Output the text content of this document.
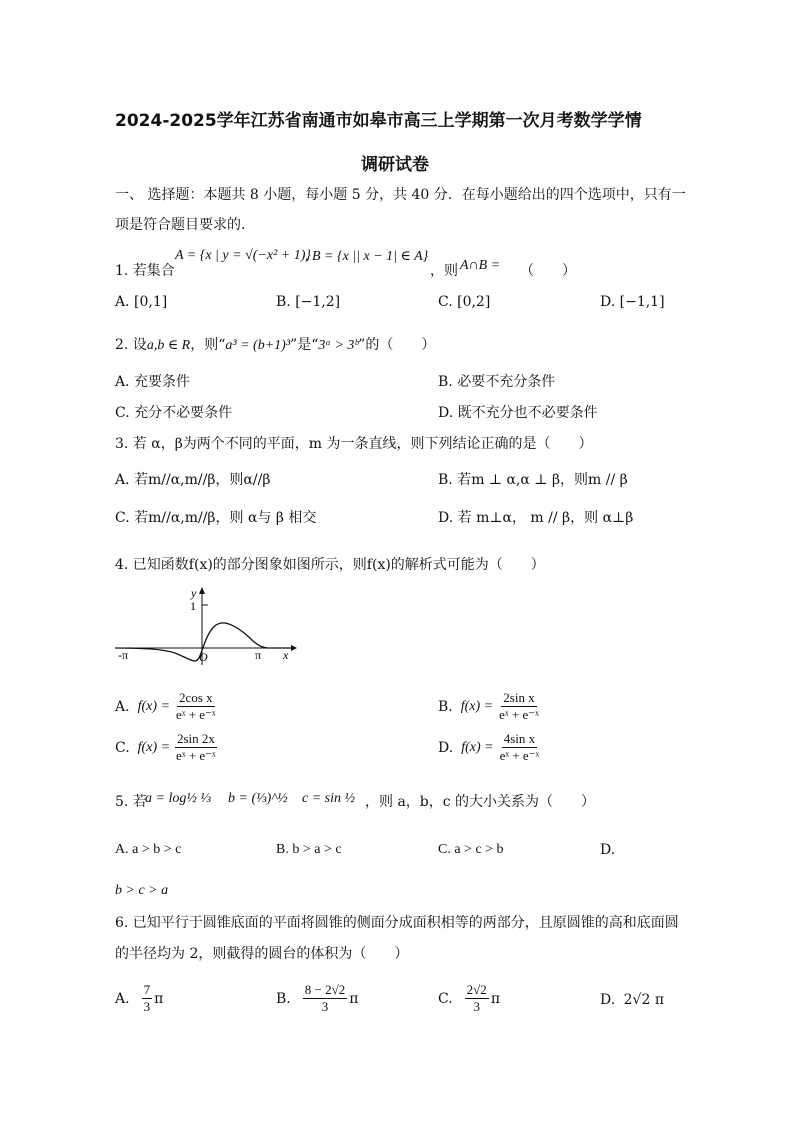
2024-2025学年江苏省南通市如皋市高三上学期第一次月考数学学情
调研试卷
一、 选择题：本题共 8 小题，每小题 5 分，共 40 分．在每小题给出的四个选项中，只有一
项是符合题目要求的．
1. 若集合
A = {x | y = √(−x² + 1)}
, B = {x || x − 1| ∈ A}
，则 A∩B = （　　）
A. [0,1]	B. [−1,2]	C. [0,2]	D. [−1,1]
2. 设a,b ∈ R，则“a³ = (b+1)³”是“3ᵃ > 3ᵇ”的（　　）
A. 充要条件	B. 必要不充分条件
C. 充分不必要条件	D. 既不充分也不必要条件
3. 若 α，β为两个不同的平面，m 为一条直线，则下列结论正确的是（　　）
A. 若m//α,m//β，则α//β	B. 若m ⊥ α,α ⊥ β，则m // β
C. 若m//α,m//β，则 α与 β 相交	D. 若 m⊥α， m // β，则 α⊥β
4. 已知函数f(x)的部分图象如图所示，则f(x)的解析式可能为（　　）
y
1
-π	O	π x
A. $f(x) = \frac{\text{2cos x}}{\text{eˣ + e⁻ˣ}}$	B. $f(x) = \frac{\text{2sin x}}{\text{eˣ + e⁻ˣ}}$
C. $f(x) = \frac{2\sin 2x}{\text{eˣ + e⁻ˣ}}$	D. $f(x) = \frac{\text{4sin x}}{\text{eˣ + e⁻ˣ}}$
5. 若
a = log½ ⅓ b = (⅓)^½ c = sin ½ ，则 a，b，c 的大小关系为（　　）
A. a > b > c	B. b > a > c	C. a > c > b	D.
b > c > a
6. 已知平行于圆锥底面的平面将圆锥的侧面分成面积相等的两部分，且原圆锥的高和底面圆
的半径均为 2，则截得的圆台的体积为（　　）
A. $\frac{7}{3}$ π	B. $\frac{8 - 2√2}{3}$ π	C. $\frac{2√2}{3}$ π	D. 2√2 π
